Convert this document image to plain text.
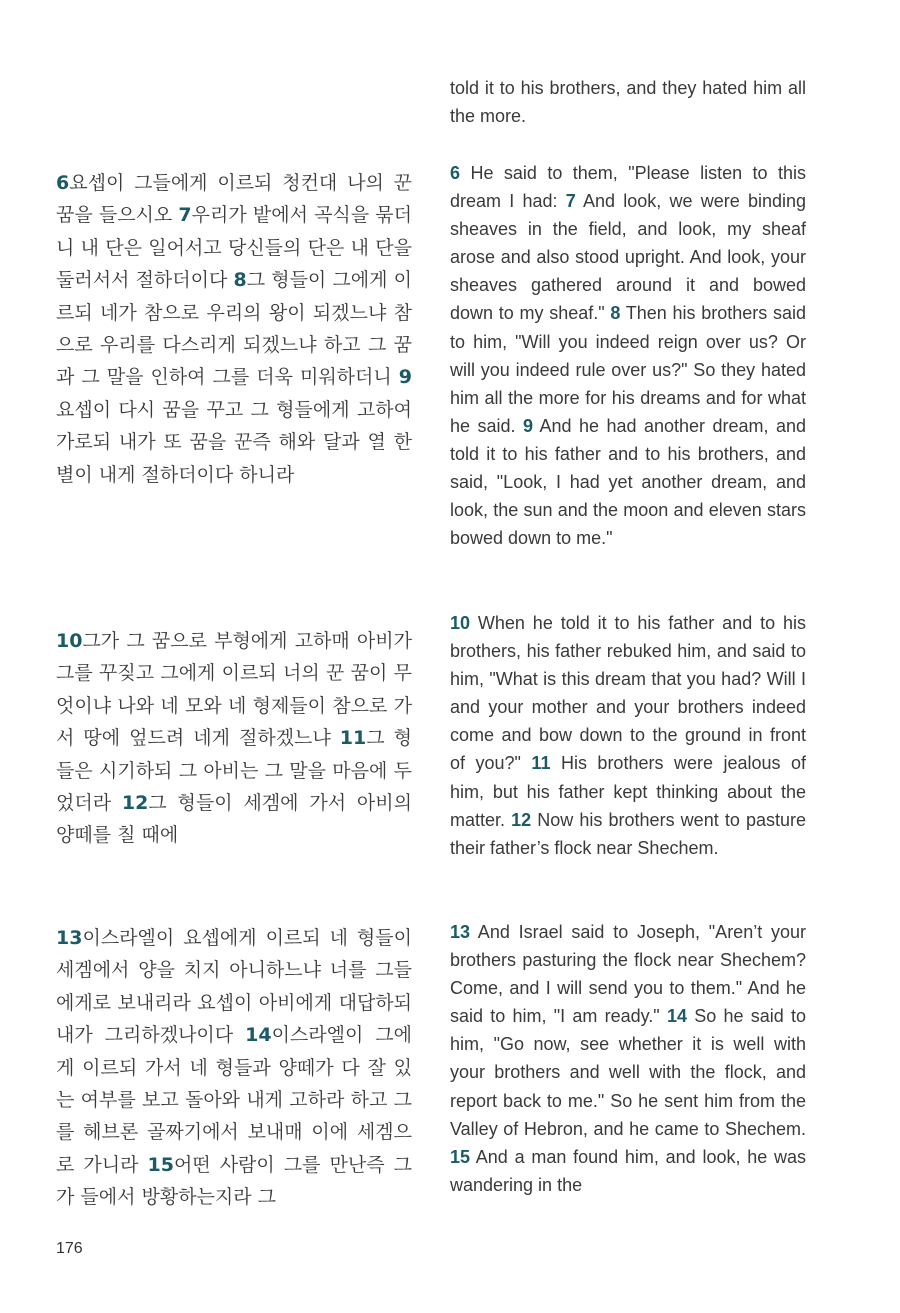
told it to his brothers, and they hated him all the more.
6요셉이 그들에게 이르되 청컨대 나의 꾼 꿈을 들으시오 7우리가 밭에서 곡식을 묶더니 내 단은 일어서고 당신들의 단은 내 단을 둘러서서 절하더이다 8그 형들이 그에게 이르되 네가 참으로 우리의 왕이 되겠느냐 참으로 우리를 다스리게 되겠느냐 하고 그 꿈과 그 말을 인하여 그를 더욱 미워하더니 9요셉이 다시 꿈을 꾸고 그 형들에게 고하여 가로되 내가 또 꿈을 꾼즉 해와 달과 열 한 별이 내게 절하더이다 하니라
6 He said to them, "Please listen to this dream I had: 7 And look, we were binding sheaves in the field, and look, my sheaf arose and also stood upright. And look, your sheaves gathered around it and bowed down to my sheaf." 8 Then his brothers said to him, "Will you indeed reign over us? Or will you indeed rule over us?" So they hated him all the more for his dreams and for what he said. 9 And he had another dream, and told it to his father and to his brothers, and said, "Look, I had yet another dream, and look, the sun and the moon and eleven stars bowed down to me."
10그가 그 꿈으로 부형에게 고하매 아비가 그를 꾸짖고 그에게 이르되 너의 꾼 꿈이 무엇이냐 나와 네 모와 네 형제들이 참으로 가서 땅에 엎드려 네게 절하겠느냐 11그 형들은 시기하되 그 아비는 그 말을 마음에 두었더라 12그 형들이 세겜에 가서 아비의 양떼를 칠 때에
10 When he told it to his father and to his brothers, his father rebuked him, and said to him, "What is this dream that you had? Will I and your mother and your brothers indeed come and bow down to the ground in front of you?" 11 His brothers were jealous of him, but his father kept thinking about the matter. 12 Now his brothers went to pasture their father’s flock near Shechem.
13이스라엘이 요셉에게 이르되 네 형들이 세겜에서 양을 치지 아니하느냐 너를 그들에게로 보내리라 요셉이 아비에게 대답하되 내가 그리하겠나이다 14이스라엘이 그에게 이르되 가서 네 형들과 양떼가 다 잘 있는 여부를 보고 돌아와 내게 고하라 하고 그를 헤브론 골짜기에서 보내매 이에 세겜으로 가니라 15어떤 사람이 그를 만난즉 그가 들에서 방황하는지라 그
13 And Israel said to Joseph, "Aren’t your brothers pasturing the flock near Shechem? Come, and I will send you to them." And he said to him, "I am ready." 14 So he said to him, "Go now, see whether it is well with your brothers and well with the flock, and report back to me." So he sent him from the Valley of Hebron, and he came to Shechem. 15 And a man found him, and look, he was wandering in the
176
